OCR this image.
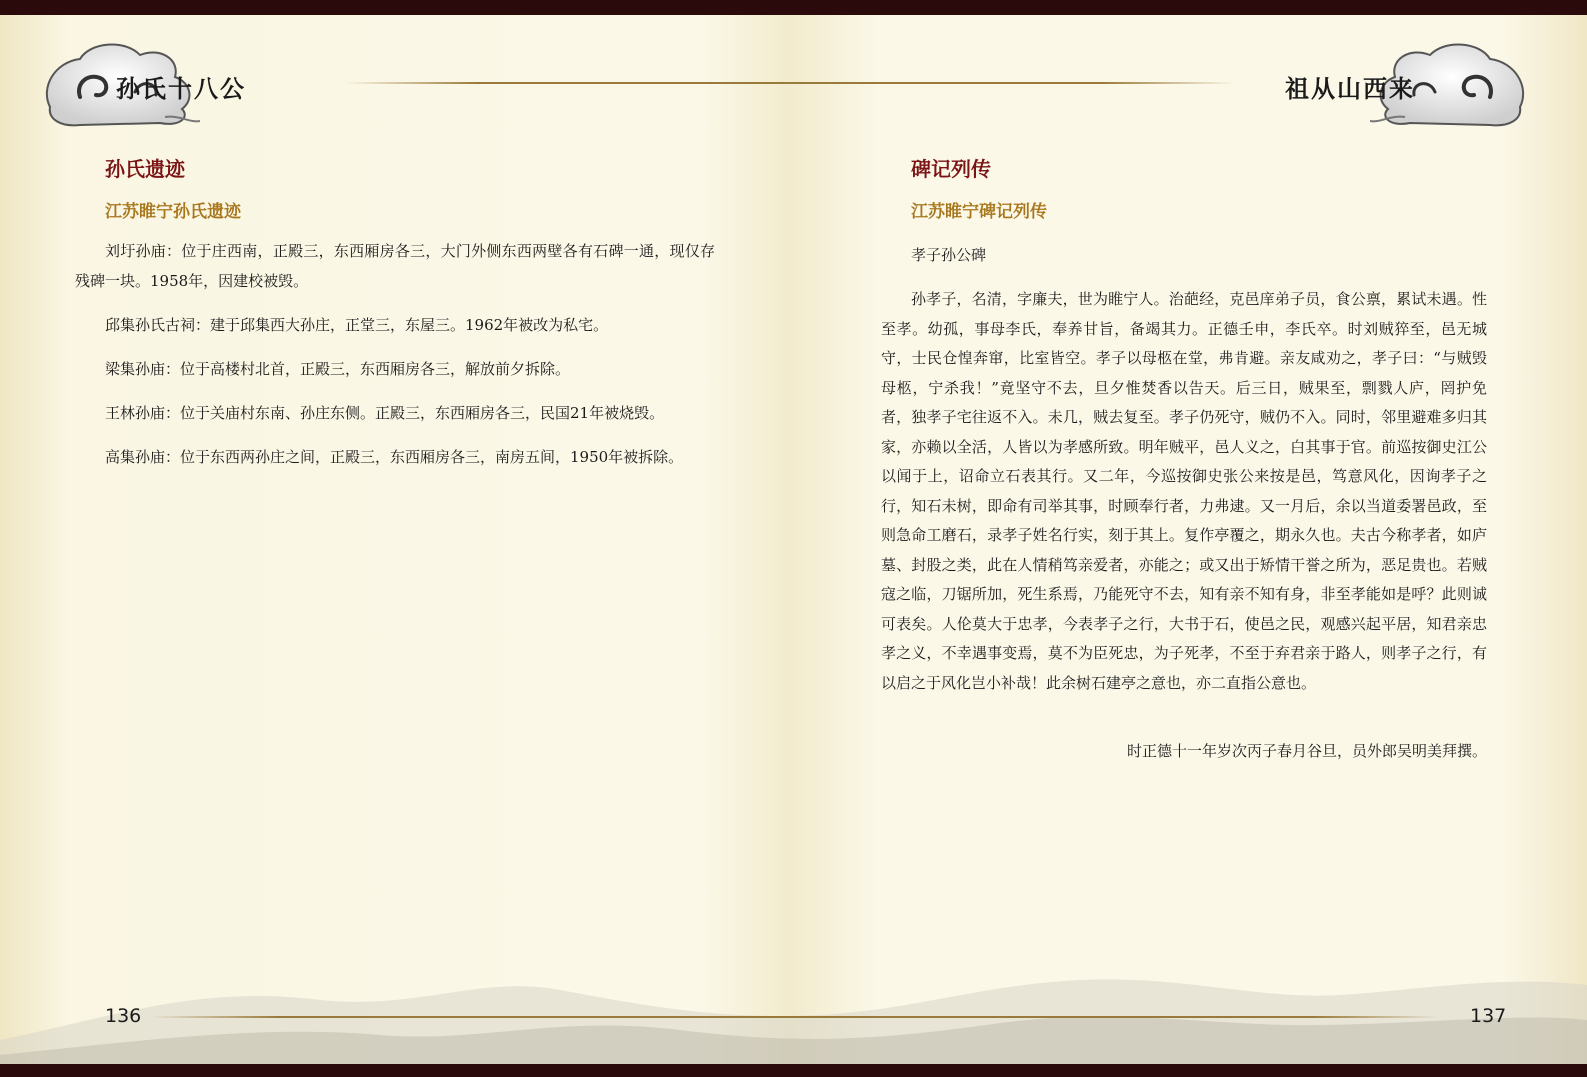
孙氏十八公	祖从山西来
孙氏遗迹
江苏睢宁孙氏遗迹

刘圩孙庙：位于庄西南，正殿三，东西厢房各三，大门外侧东西两壁各有石碑一通，现仅存残碑一块。1958年，因建校被毁。

邱集孙氏古祠：建于邱集西大孙庄，正堂三，东屋三。1962年被改为私宅。

梁集孙庙：位于高楼村北首，正殿三，东西厢房各三，解放前夕拆除。

王林孙庙：位于关庙村东南、孙庄东侧。正殿三，东西厢房各三，民国21年被烧毁。

高集孙庙：位于东西两孙庄之间，正殿三，东西厢房各三，南房五间，1950年被拆除。

碑记列传
江苏睢宁碑记列传
孝子孙公碑

孙孝子，名清，字廉夫，世为睢宁人。治葩经，克邑庠弟子员，食公禀，累试未遇。性至孝。幼孤，事母李氏，奉养甘旨，备竭其力。正德壬申，李氏卒。时刘贼猝至，邑无城守，士民仓惶奔窜，比室皆空。孝子以母柩在堂，弗肯避。亲友咸劝之，孝子曰：“与贼毁母柩，宁杀我！”竟坚守不去，旦夕惟焚香以告天。后三日，贼果至，剽戮人庐，罔护免者，独孝子宅往返不入。未几，贼去复至。孝子仍死守，贼仍不入。同时，邻里避难多归其家，亦赖以全活，人皆以为孝感所致。明年贼平，邑人义之，白其事于官。前巡按御史江公以闻于上，诏命立石表其行。又二年，今巡按御史张公来按是邑，笃意风化，因询孝子之行，知石未树，即命有司举其事，时顾奉行者，力弗逮。又一月后，余以当道委署邑政，至则急命工磨石，录孝子姓名行实，刻于其上。复作亭覆之，期永久也。夫古今称孝者，如庐墓、封股之类，此在人情稍笃亲爱者，亦能之；或又出于矫情干誉之所为，恶足贵也。若贼寇之临，刀锯所加，死生系焉，乃能死守不去，知有亲不知有身，非至孝能如是呼？此则诚可表矣。人伦莫大于忠孝，今表孝子之行，大书于石，使邑之民，观感兴起平居，知君亲忠孝之义，不幸遇事变焉，莫不为臣死忠，为子死孝，不至于弃君亲于路人，则孝子之行，有以启之于风化岂小补哉！此余树石建亭之意也，亦二直指公意也。

时正德十一年岁次丙子春月谷旦，员外郎吴明美拜撰。
136	137
